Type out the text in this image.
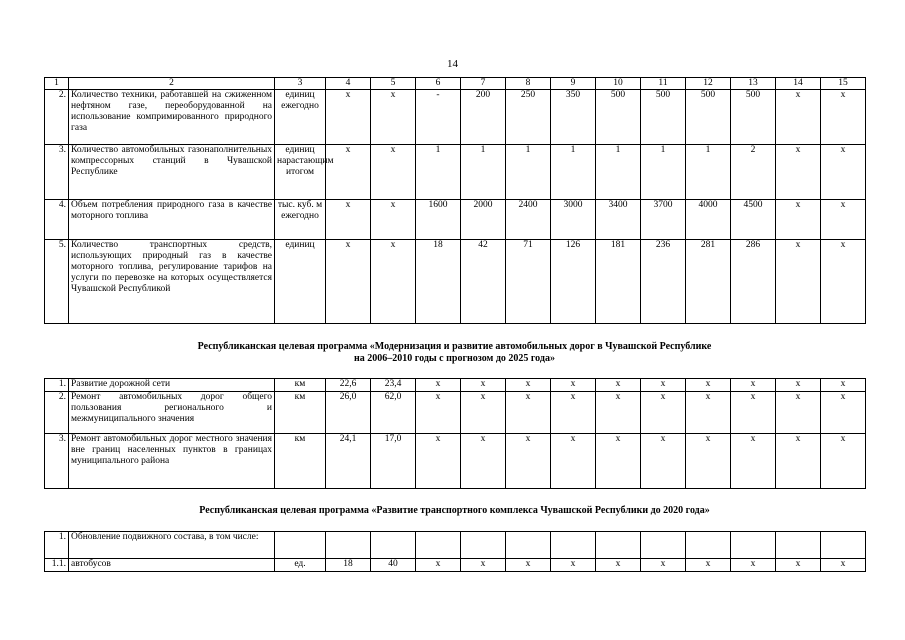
14
1	2	3	4	5	6	7	8	9	10	11	12	13	14	15
2.	Количество техники, работавшей на сжиженном нефтяном газе, переоборудованной на использование компримированного природного газа	единиц ежегодно	x	x	-	200	250	350	500	500	500	500	x	x
3.	Количество автомобильных газонаполнительных компрессорных станций в Чувашской Республике	единиц нарастающим итогом	x	x	1	1	1	1	1	1	1	2	x	x
4.	Объем потребления природного газа в качестве моторного топлива	тыс. куб. м ежегодно	x	x	1600	2000	2400	3000	3400	3700	4000	4500	x	x
5.	Количество транспортных средств, использующих природный газ в качестве моторного топлива, регулирование тарифов на услуги по перевозке на которых осуществляется Чувашской Республикой	единиц	x	x	18	42	71	126	181	236	281	286	x	x
Республиканская целевая программа «Модернизация и развитие автомобильных дорог в Чувашской Республике
на 2006–2010 годы с прогнозом до 2025 года»
1.	Развитие дорожной сети	км	22,6	23,4	x	x	x	x	x	x	x	x	x	x
2.	Ремонт автомобильных дорог общего пользования регионального и межмуниципального значения	км	26,0	62,0	x	x	x	x	x	x	x	x	x	x
3.	Ремонт автомобильных дорог местного значения вне границ населенных пунктов в границах муниципального района	км	24,1	17,0	x	x	x	x	x	x	x	x	x	x
Республиканская целевая программа «Развитие транспортного комплекса Чувашской Республики до 2020 года»
1.	Обновление подвижного состава, в том числе:													
1.1.	автобусов	ед.	18	40	x	x	x	x	x	x	x	x	x	x
